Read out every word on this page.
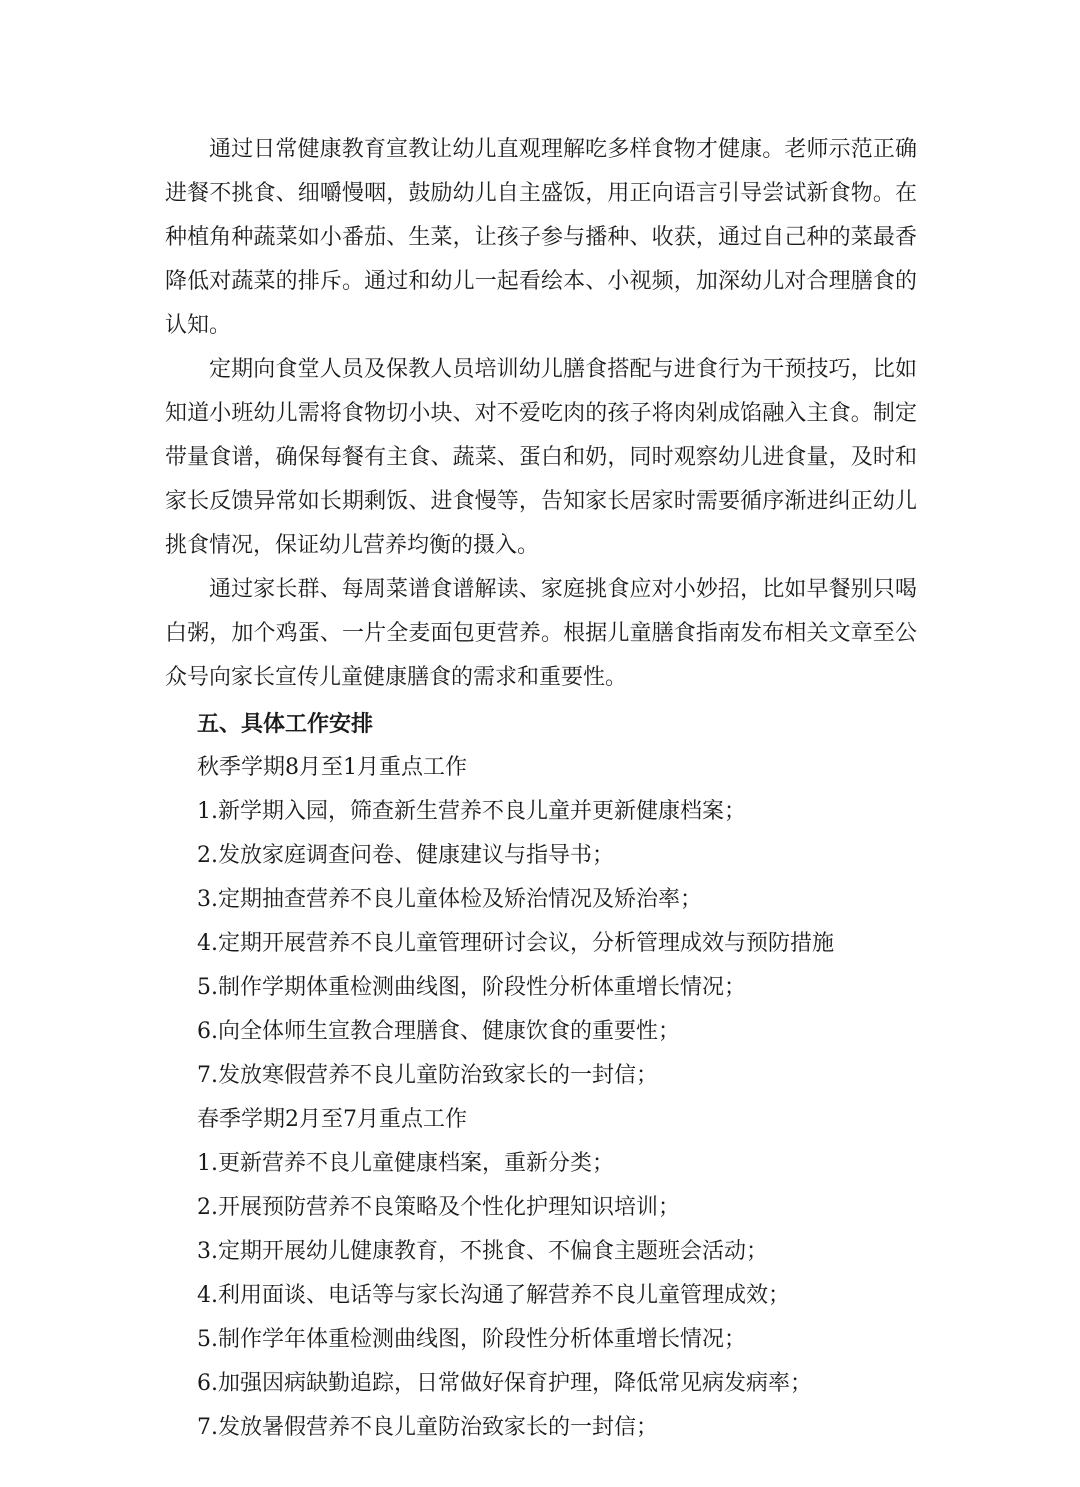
通过日常健康教育宣教让幼儿直观理解吃多样食物才健康。老师示范正确进餐不挑食、细嚼慢咽，鼓励幼儿自主盛饭，用正向语言引导尝试新食物。在种植角种蔬菜如小番茄、生菜，让孩子参与播种、收获，通过自己种的菜最香降低对蔬菜的排斥。通过和幼儿一起看绘本、小视频，加深幼儿对合理膳食的认知。

定期向食堂人员及保教人员培训幼儿膳食搭配与进食行为干预技巧，比如知道小班幼儿需将食物切小块、对不爱吃肉的孩子将肉剁成馅融入主食。制定带量食谱，确保每餐有主食、蔬菜、蛋白和奶，同时观察幼儿进食量，及时和家长反馈异常如长期剩饭、进食慢等，告知家长居家时需要循序渐进纠正幼儿挑食情况，保证幼儿营养均衡的摄入。

通过家长群、每周菜谱食谱解读、家庭挑食应对小妙招，比如早餐别只喝白粥，加个鸡蛋、一片全麦面包更营养。根据儿童膳食指南发布相关文章至公众号向家长宣传儿童健康膳食的需求和重要性。

五、具体工作安排
秋季学期8月至1月重点工作
1.新学期入园，筛查新生营养不良儿童并更新健康档案；
2.发放家庭调查问卷、健康建议与指导书；
3.定期抽查营养不良儿童体检及矫治情况及矫治率；
4.定期开展营养不良儿童管理研讨会议，分析管理成效与预防措施
5.制作学期体重检测曲线图，阶段性分析体重增长情况；
6.向全体师生宣教合理膳食、健康饮食的重要性；
7.发放寒假营养不良儿童防治致家长的一封信；
春季学期2月至7月重点工作
1.更新营养不良儿童健康档案，重新分类；
2.开展预防营养不良策略及个性化护理知识培训；
3.定期开展幼儿健康教育，不挑食、不偏食主题班会活动；
4.利用面谈、电话等与家长沟通了解营养不良儿童管理成效；
5.制作学年体重检测曲线图，阶段性分析体重增长情况；
6.加强因病缺勤追踪，日常做好保育护理，降低常见病发病率；
7.发放暑假营养不良儿童防治致家长的一封信；
